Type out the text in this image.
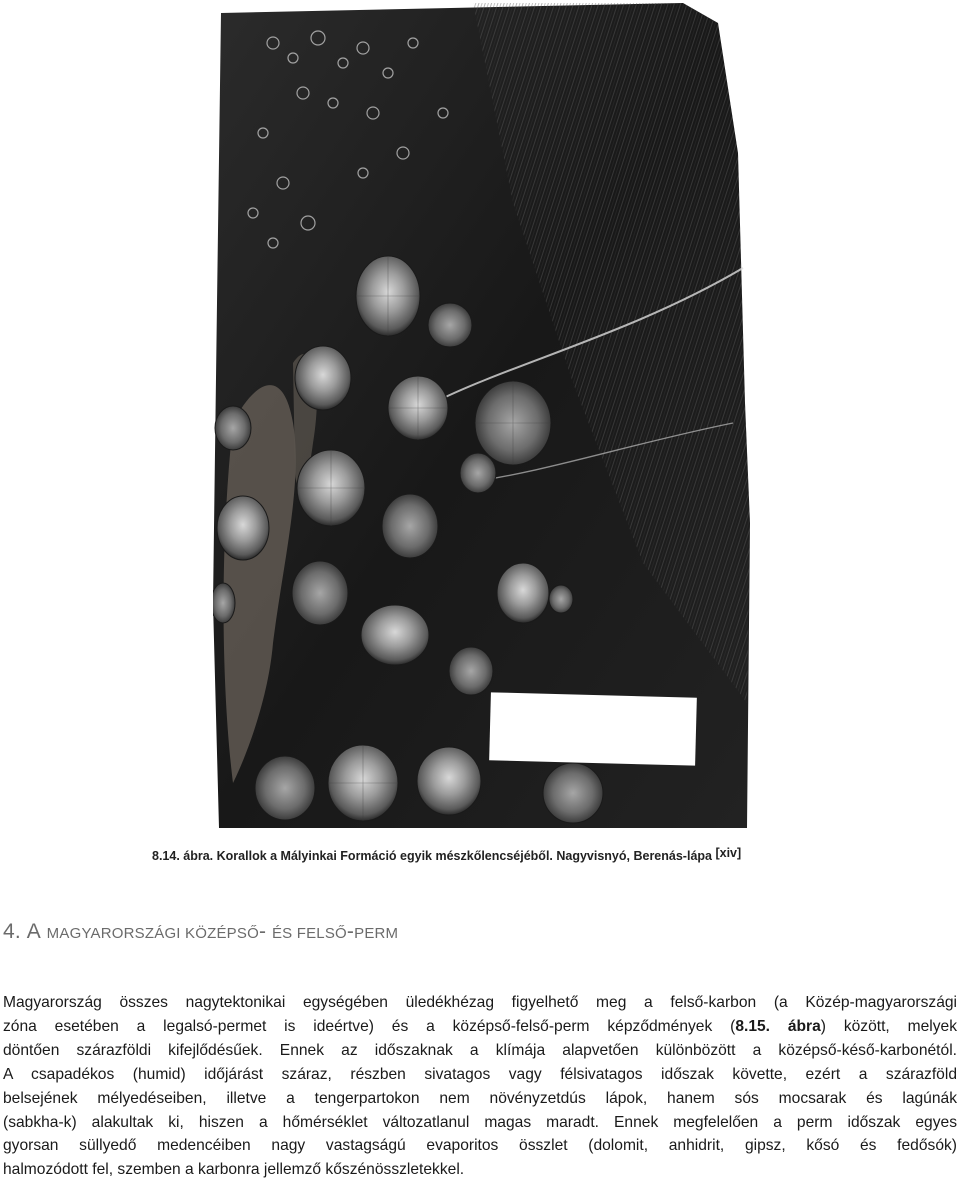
8.14. ábra. Korallok a Mályinkai Formáció egyik mészkőlencséjéből. Nagyvisnyó, Berenás-lápa [xiv]
4. A MAGYARORSZÁGI KÖZÉPSŐ- ÉS FELSŐ-PERM
Magyarország összes nagytektonikai egységében üledékhézag figyelhető meg a felső-karbon (a Közép-magyarországi
zóna esetében a legalsó-permet is ideértve) és a középső-felső-perm képződmények (8.15. ábra) között, melyek
döntően szárazföldi kifejlődésűek. Ennek az időszaknak a klímája alapvetően különbözött a középső-késő-karbonétól.
A csapadékos (humid) időjárást száraz, részben sivatagos vagy félsivatagos időszak követte, ezért a szárazföld
belsejének mélyedéseiben, illetve a tengerpartokon nem növényzetdús lápok, hanem sós mocsarak és lagúnák
(sabkha-k) alakultak ki, hiszen a hőmérséklet változatlanul magas maradt. Ennek megfelelően a perm időszak egyes
gyorsan süllyedő medencéiben nagy vastagságú evaporitos összlet (dolomit, anhidrit, gipsz, kősó és fedősók)
halmozódott fel, szemben a karbonra jellemző kőszénösszletekkel.
